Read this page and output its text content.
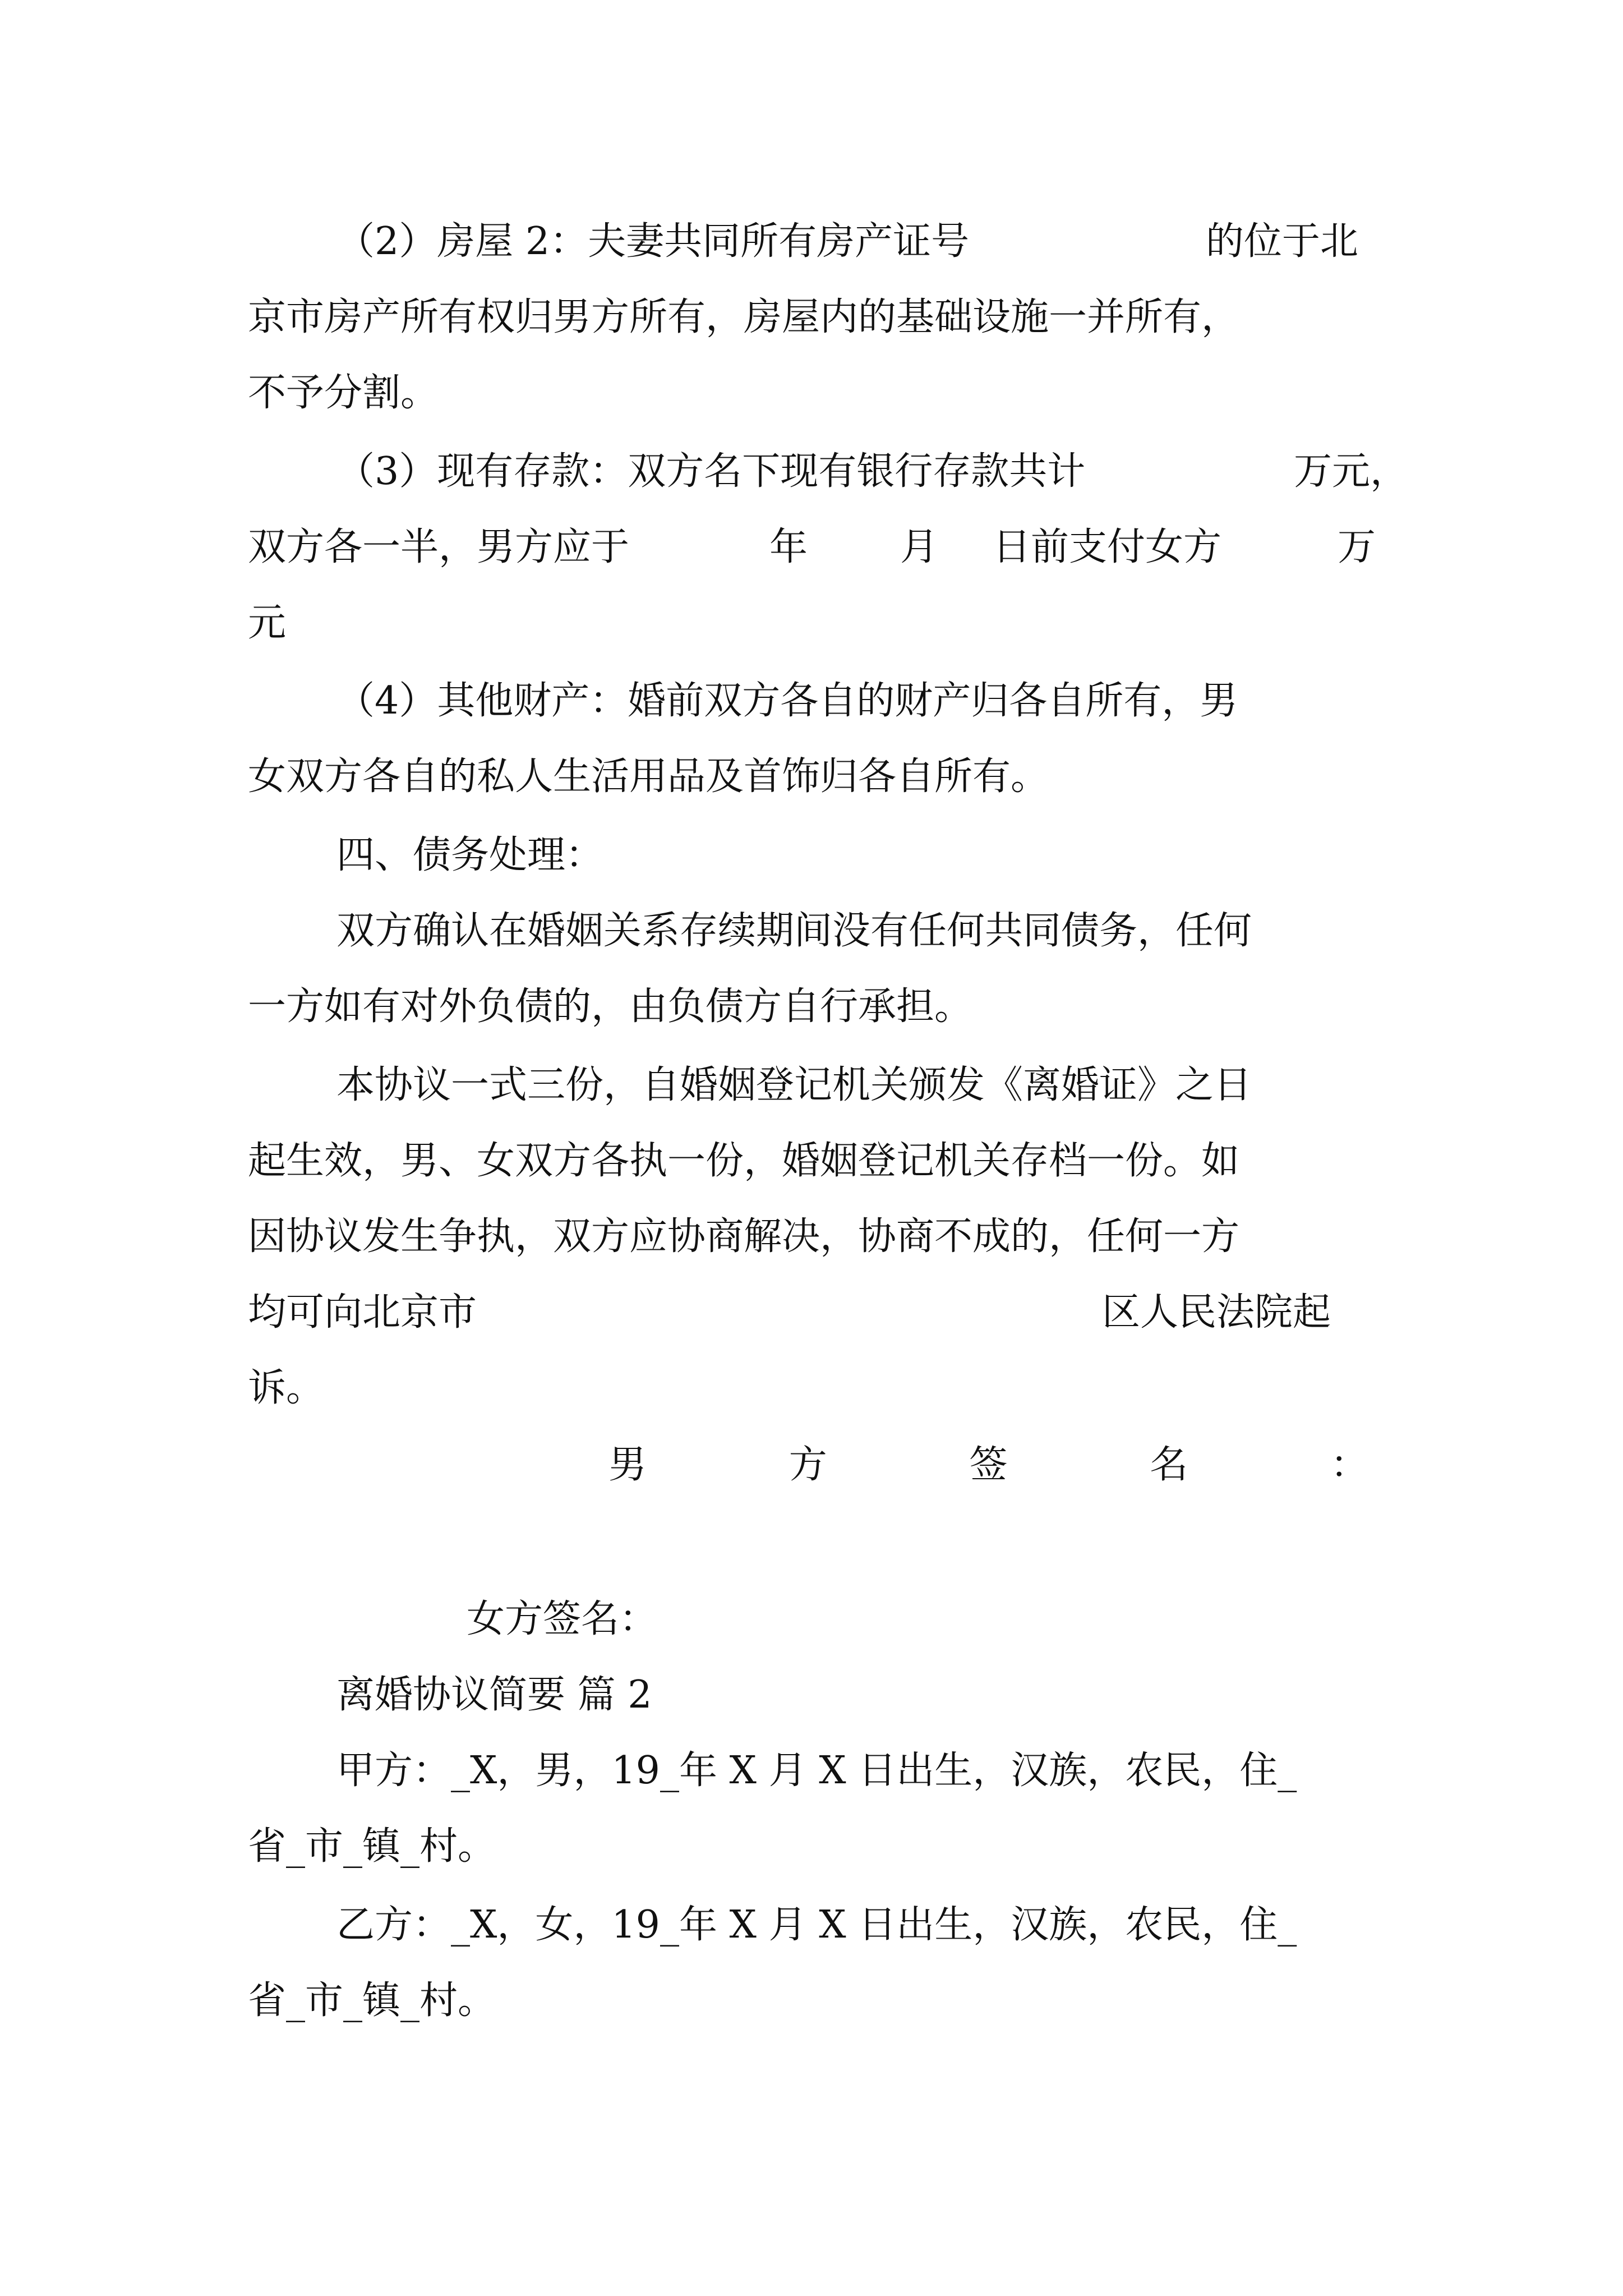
（2）房屋 2：夫妻共同所有房产证号	的位于北
京市房产所有权归男方所有，房屋内的基础设施一并所有，
不予分割。
（3）现有存款：双方名下现有银行存款共计	万元，
双方各一半，男方应于	年 月 日前支付女方	万
元
（4）其他财产：婚前双方各自的财产归各自所有，男
女双方各自的私人生活用品及首饰归各自所有。
四、债务处理：
双方确认在婚姻关系存续期间没有任何共同债务，任何
一方如有对外负债的，由负债方自行承担。
本协议一式三份，自婚姻登记机关颁发《离婚证》之日
起生效，男、女双方各执一份，婚姻登记机关存档一份。如
因协议发生争执，双方应协商解决，协商不成的，任何一方
均可向北京市	区人民法院起
诉。
男	方	签	名	：
女方签名：
离婚协议简要 篇 2
甲方：_X，男，19_年 X 月 X 日出生，汉族，农民，住_
省_市_镇_村。
乙方：_X，女，19_年 X 月 X 日出生，汉族，农民，住_
省_市_镇_村。
